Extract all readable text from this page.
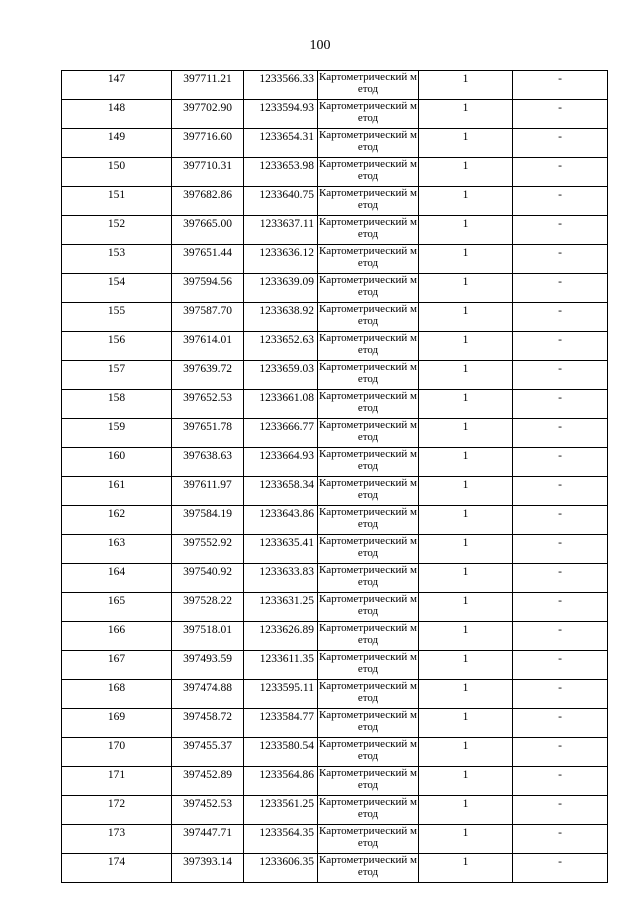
100
147	397711.21	1233566.33	Картометрический метод	1	-
148	397702.90	1233594.93	Картометрический метод	1	-
149	397716.60	1233654.31	Картометрический метод	1	-
150	397710.31	1233653.98	Картометрический метод	1	-
151	397682.86	1233640.75	Картометрический метод	1	-
152	397665.00	1233637.11	Картометрический метод	1	-
153	397651.44	1233636.12	Картометрический метод	1	-
154	397594.56	1233639.09	Картометрический метод	1	-
155	397587.70	1233638.92	Картометрический метод	1	-
156	397614.01	1233652.63	Картометрический метод	1	-
157	397639.72	1233659.03	Картометрический метод	1	-
158	397652.53	1233661.08	Картометрический метод	1	-
159	397651.78	1233666.77	Картометрический метод	1	-
160	397638.63	1233664.93	Картометрический метод	1	-
161	397611.97	1233658.34	Картометрический метод	1	-
162	397584.19	1233643.86	Картометрический метод	1	-
163	397552.92	1233635.41	Картометрический метод	1	-
164	397540.92	1233633.83	Картометрический метод	1	-
165	397528.22	1233631.25	Картометрический метод	1	-
166	397518.01	1233626.89	Картометрический метод	1	-
167	397493.59	1233611.35	Картометрический метод	1	-
168	397474.88	1233595.11	Картометрический метод	1	-
169	397458.72	1233584.77	Картометрический метод	1	-
170	397455.37	1233580.54	Картометрический метод	1	-
171	397452.89	1233564.86	Картометрический метод	1	-
172	397452.53	1233561.25	Картометрический метод	1	-
173	397447.71	1233564.35	Картометрический метод	1	-
174	397393.14	1233606.35	Картометрический метод	1	-
